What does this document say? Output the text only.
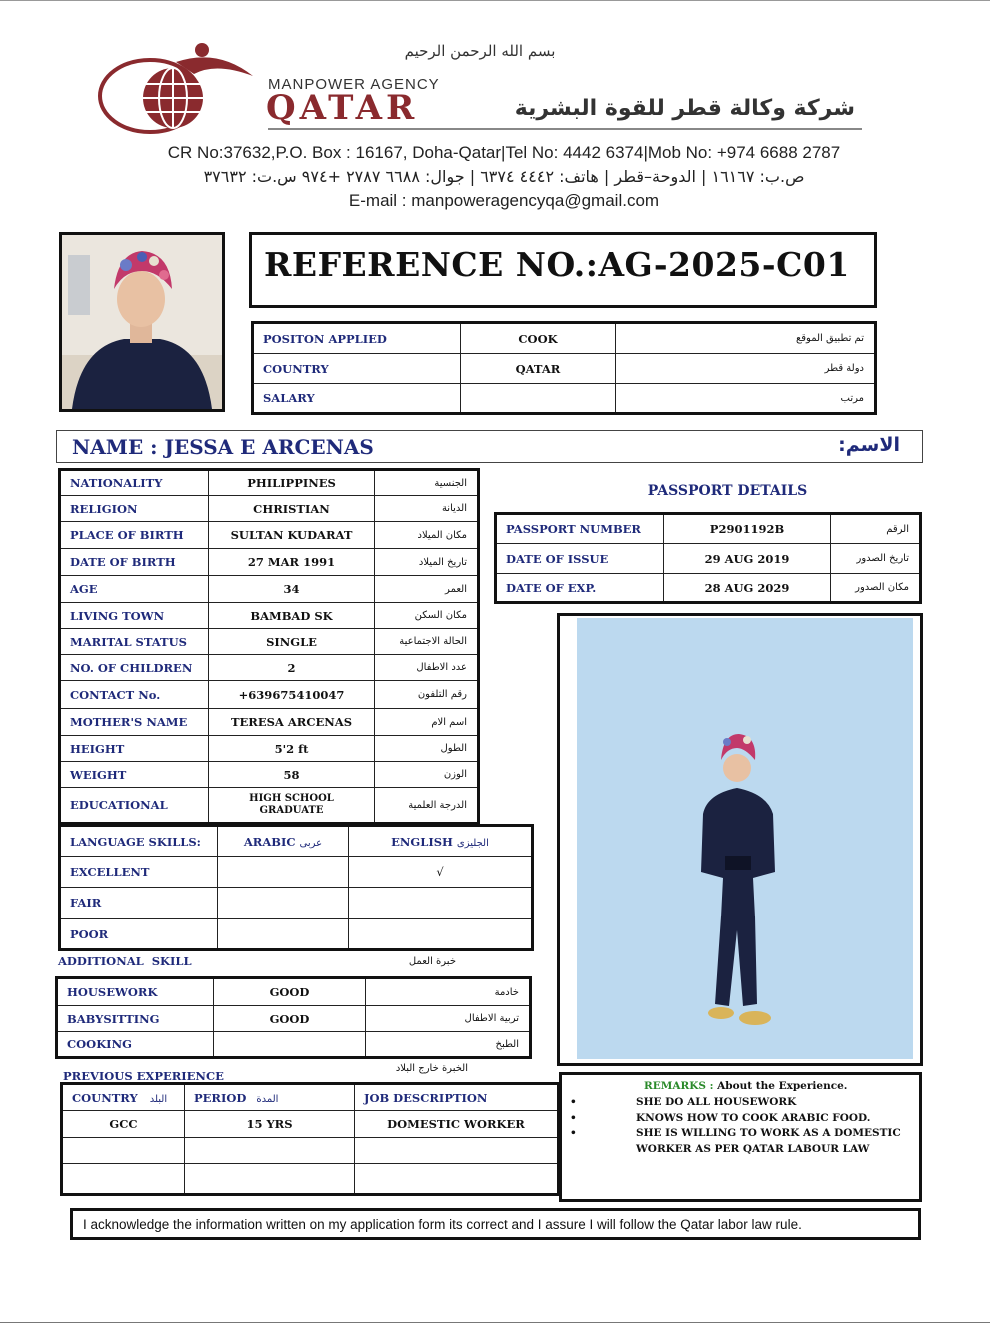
بسم الله الرحمن الرحيم
MANPOWER AGENCY
QATAR	شركة وكالة قطر للقوة البشرية
CR No:37632,P.O. Box : 16167, Doha-Qatar|Tel No: 4442 6374|Mob No: +974 6688 2787
ص.ب: ١٦١٦٧ | الدوحة–قطر | هاتف: ٤٤٤٢ ٦٣٧٤ | جوال: ٦٦٨٨ ٢٧٨٧ +٩٧٤ س.ت: ٣٧٦٣٢
E-mail : manpoweragencyqa@gmail.com
REFERENCE NO.:AG-2025-C01
POSITON APPLIED	COOK	تم تطبيق الموقع
COUNTRY	QATAR	دولة قطر
SALARY		مرتب
NAME : JESSA E ARCENAS	الاسم:
NATIONALITY	PHILIPPINES	الجنسية
RELIGION	CHRISTIAN	الديانة
PLACE OF BIRTH	SULTAN KUDARAT	مكان الميلاد
DATE OF BIRTH	27 MAR 1991	تاريخ الميلاد
AGE	34	العمر
LIVING TOWN	BAMBAD SK	مكان السكن
MARITAL STATUS	SINGLE	الحالة الاجتماعية
NO. OF CHILDREN	2	عدد الاطفال
CONTACT No.	+639675410047	رقم التلفون
MOTHER'S NAME	TERESA ARCENAS	اسم الام
HEIGHT	5'2 ft	الطول
WEIGHT	58	الوزن
EDUCATIONAL	HIGH SCHOOL GRADUATE	الدرجة العلمية
PASSPORT DETAILS
PASSPORT NUMBER	P2901192B	الرقم
DATE OF ISSUE	29 AUG 2019	تاريخ الصدور
DATE OF EXP.	28 AUG 2029	مكان الصدور
LANGUAGE SKILLS:	ARABIC عربى	ENGLISH الجليزى
EXCELLENT		√
FAIR		
POOR		
ADDITIONAL  SKILL	خبرة العمل
HOUSEWORK	GOOD	خادمة
BABYSITTING	GOOD	تربية الاطفال
COOKING		الطبخ
PREVIOUS EXPERIENCE
الخبرة خارج البلاد
COUNTRY البلد	PERIOD المدة	JOB DESCRIPTION
GCC	15 YRS	DOMESTIC WORKER

REMARKS : About the Experience.
•	SHE DO ALL HOUSEWORK
•	KNOWS HOW TO COOK ARABIC FOOD.
•	SHE IS WILLING TO WORK AS A DOMESTIC WORKER AS PER QATAR LABOUR LAW
I acknowledge the information written on my application form its correct and I assure I will follow the Qatar labor law rule.
